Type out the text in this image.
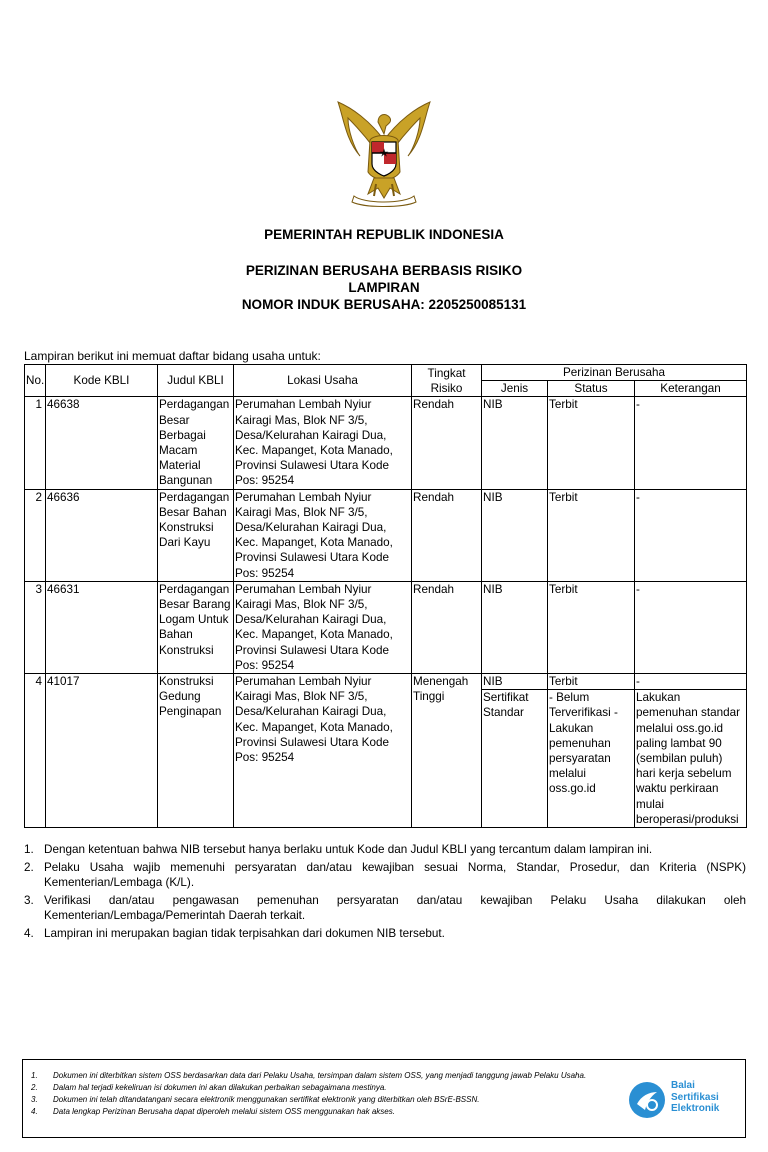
PEMERINTAH REPUBLIK INDONESIA
PERIZINAN BERUSAHA BERBASIS RISIKO
LAMPIRAN
NOMOR INDUK BERUSAHA: 2205250085131
Lampiran berikut ini memuat daftar bidang usaha untuk:
No.	Kode KBLI	Judul KBLI	Lokasi Usaha	Tingkat Risiko	Perizinan Berusaha		
					Jenis	Status	Keterangan
1	46638	Perdagangan Besar Berbagai Macam Material Bangunan	Perumahan Lembah Nyiur Kairagi Mas, Blok NF 3/5, Desa/Kelurahan Kairagi Dua, Kec. Mapanget, Kota Manado, Provinsi Sulawesi Utara Kode Pos: 95254	Rendah	NIB	Terbit	-
2	46636	Perdagangan Besar Bahan Konstruksi Dari Kayu	Perumahan Lembah Nyiur Kairagi Mas, Blok NF 3/5, Desa/Kelurahan Kairagi Dua, Kec. Mapanget, Kota Manado, Provinsi Sulawesi Utara Kode Pos: 95254	Rendah	NIB	Terbit	-
3	46631	Perdagangan Besar Barang Logam Untuk Bahan Konstruksi	Perumahan Lembah Nyiur Kairagi Mas, Blok NF 3/5, Desa/Kelurahan Kairagi Dua, Kec. Mapanget, Kota Manado, Provinsi Sulawesi Utara Kode Pos: 95254	Rendah	NIB	Terbit	-
4	41017	Konstruksi Gedung Penginapan	Perumahan Lembah Nyiur Kairagi Mas, Blok NF 3/5, Desa/Kelurahan Kairagi Dua, Kec. Mapanget, Kota Manado, Provinsi Sulawesi Utara Kode Pos: 95254	Menengah Tinggi	NIB	Terbit	-
					Sertifikat Standar	- Belum Terverifikasi - Lakukan pemenuhan persyaratan melalui oss.go.id	Lakukan pemenuhan standar melalui oss.go.id paling lambat 90 (sembilan puluh) hari kerja sebelum waktu perkiraan mulai beroperasi/produksi
1. Dengan ketentuan bahwa NIB tersebut hanya berlaku untuk Kode dan Judul KBLI yang tercantum dalam lampiran ini.
2. Pelaku Usaha wajib memenuhi persyaratan dan/atau kewajiban sesuai Norma, Standar, Prosedur, dan Kriteria (NSPK) Kementerian/Lembaga (K/L).
3. Verifikasi dan/atau pengawasan pemenuhan persyaratan dan/atau kewajiban Pelaku Usaha dilakukan oleh Kementerian/Lembaga/Pemerintah Daerah terkait.
4. Lampiran ini merupakan bagian tidak terpisahkan dari dokumen NIB tersebut.
1.	Dokumen ini diterbitkan sistem OSS berdasarkan data dari Pelaku Usaha, tersimpan dalam sistem OSS, yang menjadi tanggung jawab Pelaku Usaha.
2.	Dalam hal terjadi kekeliruan isi dokumen ini akan dilakukan perbaikan sebagaimana mestinya.
3.	Dokumen ini telah ditandatangani secara elektronik menggunakan sertifikat elektronik yang diterbitkan oleh BSrE-BSSN.
4.	Data lengkap Perizinan Berusaha dapat diperoleh melalui sistem OSS menggunakan hak akses.
Balai
Sertifikasi
Elektronik
